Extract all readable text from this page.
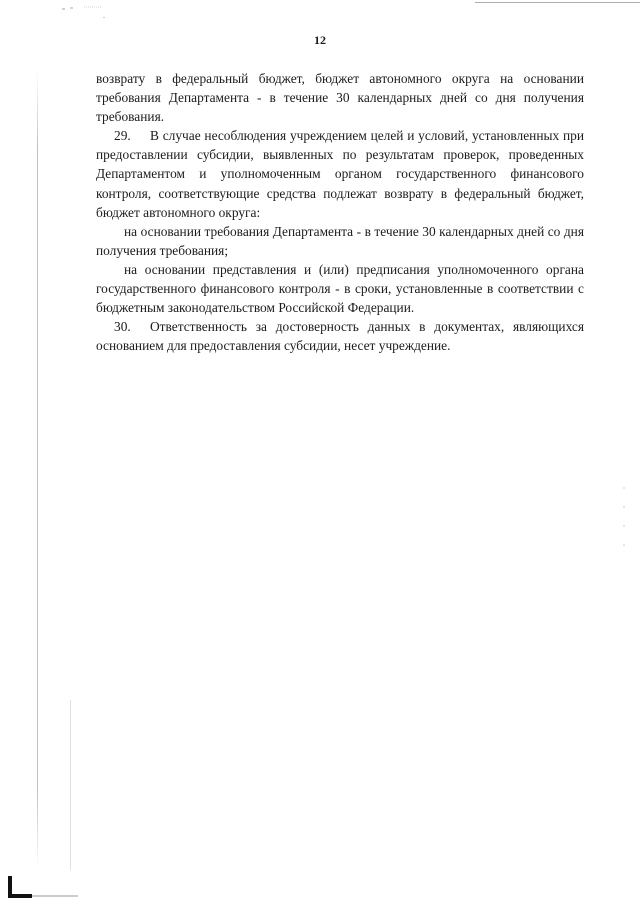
12

возврату в федеральный бюджет, бюджет автономного округа на основании требования Департамента - в течение 30 календарных дней со дня получения требования.

29. В случае несоблюдения учреждением целей и условий, установленных при предоставлении субсидии, выявленных по результатам проверок, проведенных Департаментом и уполномоченным органом государственного финансового контроля, соответствующие средства подлежат возврату в федеральный бюджет, бюджет автономного округа:

на основании требования Департамента - в течение 30 календарных дней со дня получения требования;

на основании представления и (или) предписания уполномоченного органа государственного финансового контроля - в сроки, установленные в соответствии с бюджетным законодательством Российской Федерации.

30. Ответственность за достоверность данных в документах, являющихся основанием для предоставления субсидии, несет учреждение.
